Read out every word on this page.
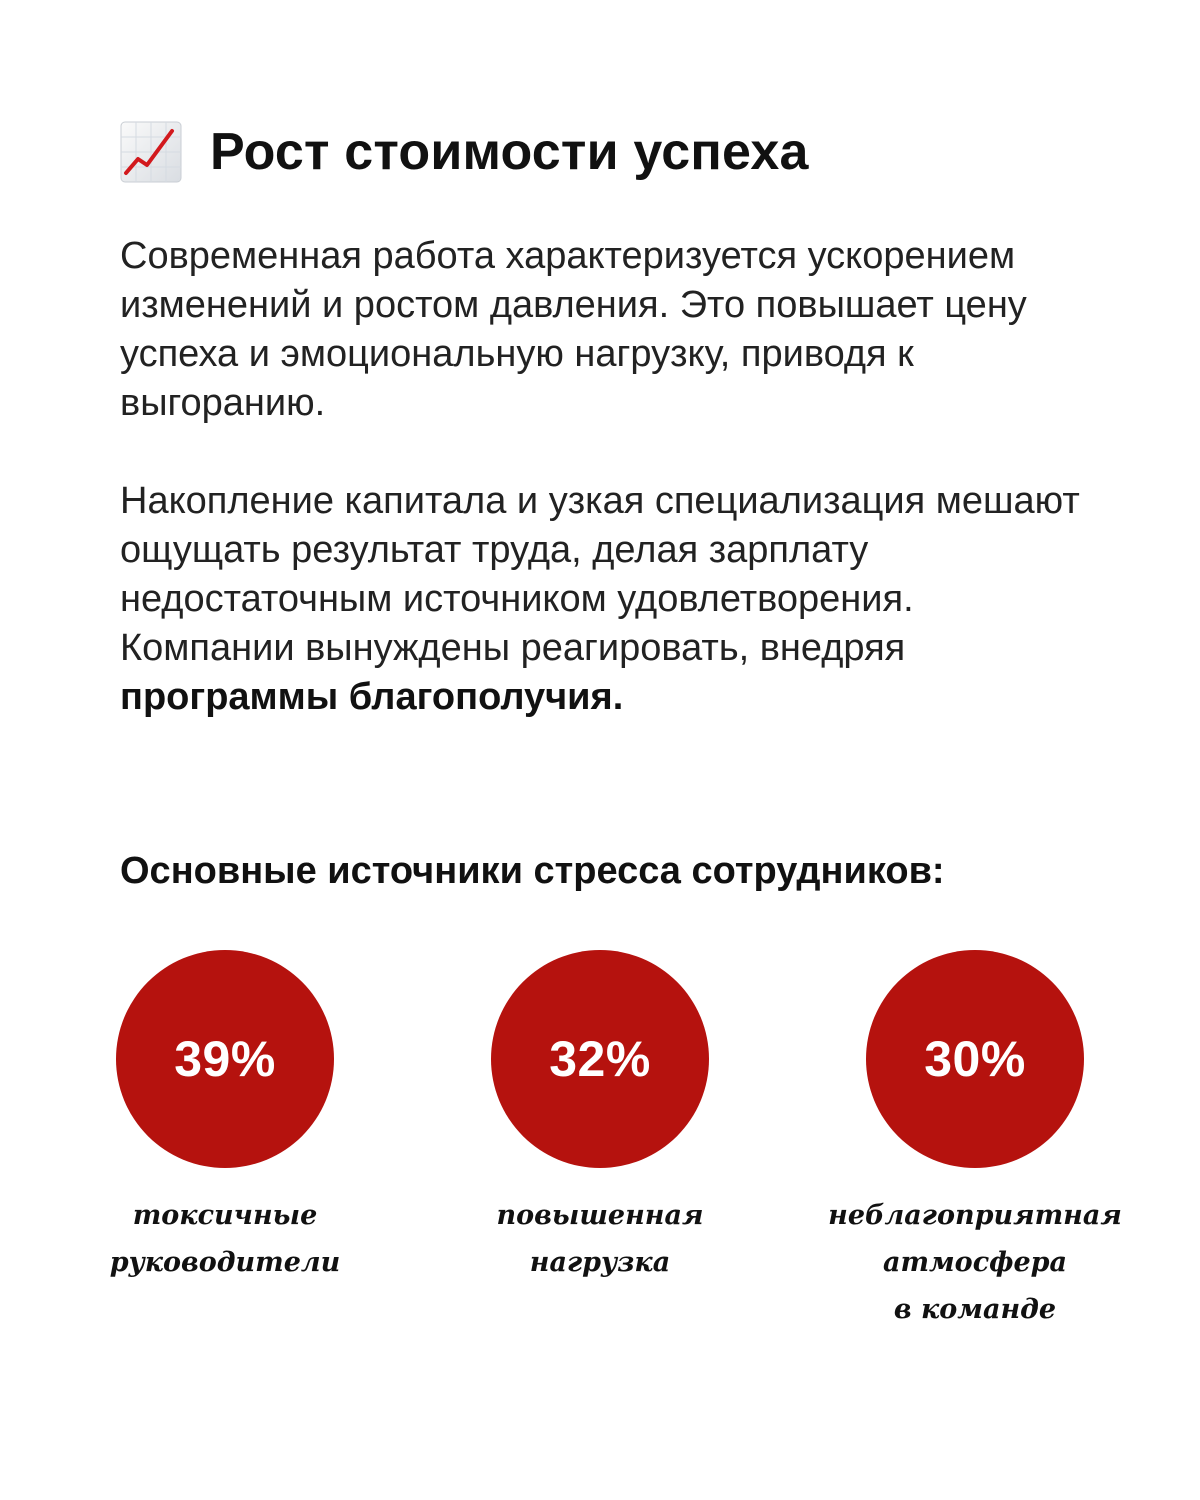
Рост стоимости успеха

Современная работа характеризуется ускорением изменений и ростом давления. Это повышает цену успеха и эмоциональную нагрузку, приводя к выгоранию.

Накопление капитала и узкая специализация мешают ощущать результат труда, делая зарплату недостаточным источником удовлетворения. Компании вынуждены реагировать, внедряя программы благополучия.

Основные источники стресса сотрудников:
39%
токсичные
руководители
32%
повышенная
нагрузка
30%
неблагоприятная
атмосфера
в команде
